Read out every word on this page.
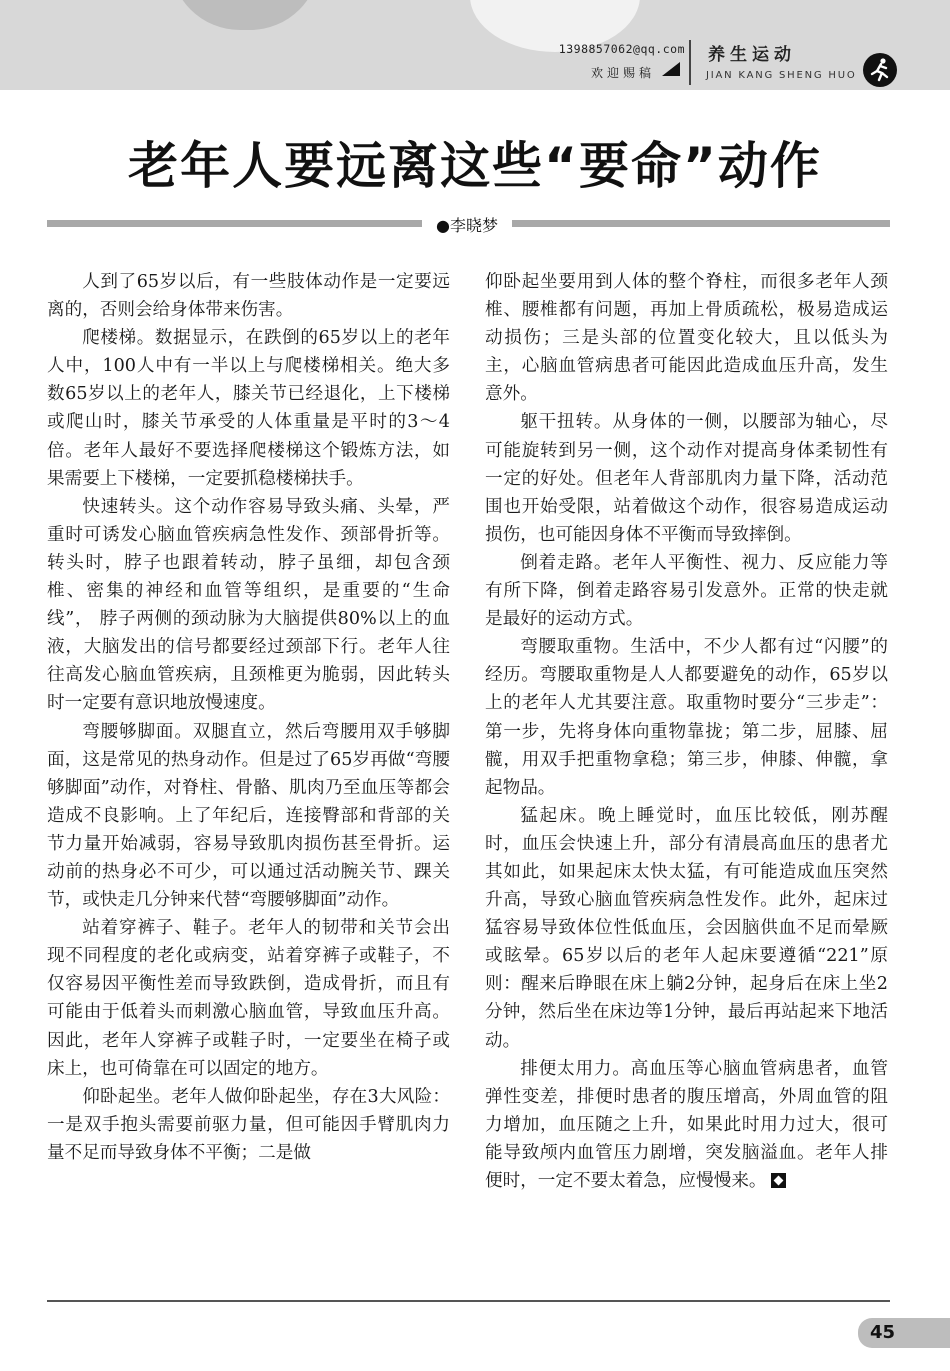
1398857062@qq.com
欢迎赐稿
养生运动
JIAN KANG SHENG HUO
老年人要远离这些“要命”动作
●李晓梦

人到了65岁以后，有一些肢体动作是一定要远离的，否则会给身体带来伤害。

爬楼梯。数据显示，在跌倒的65岁以上的老年人中，100人中有一半以上与爬楼梯相关。绝大多数65岁以上的老年人，膝关节已经退化，上下楼梯或爬山时，膝关节承受的人体重量是平时的3～4倍。老年人最好不要选择爬楼梯这个锻炼方法，如果需要上下楼梯，一定要抓稳楼梯扶手。

快速转头。这个动作容易导致头痛、头晕，严重时可诱发心脑血管疾病急性发作、颈部骨折等。转头时，脖子也跟着转动，脖子虽细，却包含颈椎、密集的神经和血管等组织，是重要的“生命线”， 脖子两侧的颈动脉为大脑提供80%以上的血液，大脑发出的信号都要经过颈部下行。老年人往往高发心脑血管疾病，且颈椎更为脆弱，因此转头时一定要有意识地放慢速度。

弯腰够脚面。双腿直立，然后弯腰用双手够脚面，这是常见的热身动作。但是过了65岁再做“弯腰够脚面”动作，对脊柱、骨骼、肌肉乃至血压等都会造成不良影响。上了年纪后，连接臀部和背部的关节力量开始减弱，容易导致肌肉损伤甚至骨折。运动前的热身必不可少，可以通过活动腕关节、踝关节，或快走几分钟来代替“弯腰够脚面”动作。

站着穿裤子、鞋子。老年人的韧带和关节会出现不同程度的老化或病变，站着穿裤子或鞋子，不仅容易因平衡性差而导致跌倒，造成骨折，而且有可能由于低着头而刺激心脑血管，导致血压升高。因此，老年人穿裤子或鞋子时，一定要坐在椅子或床上，也可倚靠在可以固定的地方。

仰卧起坐。老年人做仰卧起坐，存在3大风险：一是双手抱头需要前驱力量，但可能因手臂肌肉力量不足而导致身体不平衡；二是做

仰卧起坐要用到人体的整个脊柱，而很多老年人颈椎、腰椎都有问题，再加上骨质疏松，极易造成运动损伤；三是头部的位置变化较大，且以低头为主，心脑血管病患者可能因此造成血压升高，发生意外。

躯干扭转。从身体的一侧，以腰部为轴心，尽可能旋转到另一侧，这个动作对提高身体柔韧性有一定的好处。但老年人背部肌肉力量下降，活动范围也开始受限，站着做这个动作，很容易造成运动损伤，也可能因身体不平衡而导致摔倒。

倒着走路。老年人平衡性、视力、反应能力等有所下降，倒着走路容易引发意外。正常的快走就是最好的运动方式。

弯腰取重物。生活中，不少人都有过“闪腰”的经历。弯腰取重物是人人都要避免的动作，65岁以上的老年人尤其要注意。取重物时要分“三步走”：第一步，先将身体向重物靠拢；第二步，屈膝、屈髋，用双手把重物拿稳；第三步，伸膝、伸髋，拿起物品。

猛起床。晚上睡觉时，血压比较低，刚苏醒时，血压会快速上升，部分有清晨高血压的患者尤其如此，如果起床太快太猛，有可能造成血压突然升高，导致心脑血管疾病急性发作。此外，起床过猛容易导致体位性低血压，会因脑供血不足而晕厥或眩晕。65岁以后的老年人起床要遵循“221”原则：醒来后睁眼在床上躺2分钟，起身后在床上坐2分钟，然后坐在床边等1分钟，最后再站起来下地活动。

排便太用力。高血压等心脑血管病患者，血管弹性变差，排便时患者的腹压增高，外周血管的阻力增加，血压随之上升，如果此时用力过大，很可能导致颅内血管压力剧增，突发脑溢血。老年人排便时，一定不要太着急，应慢慢来。

45
